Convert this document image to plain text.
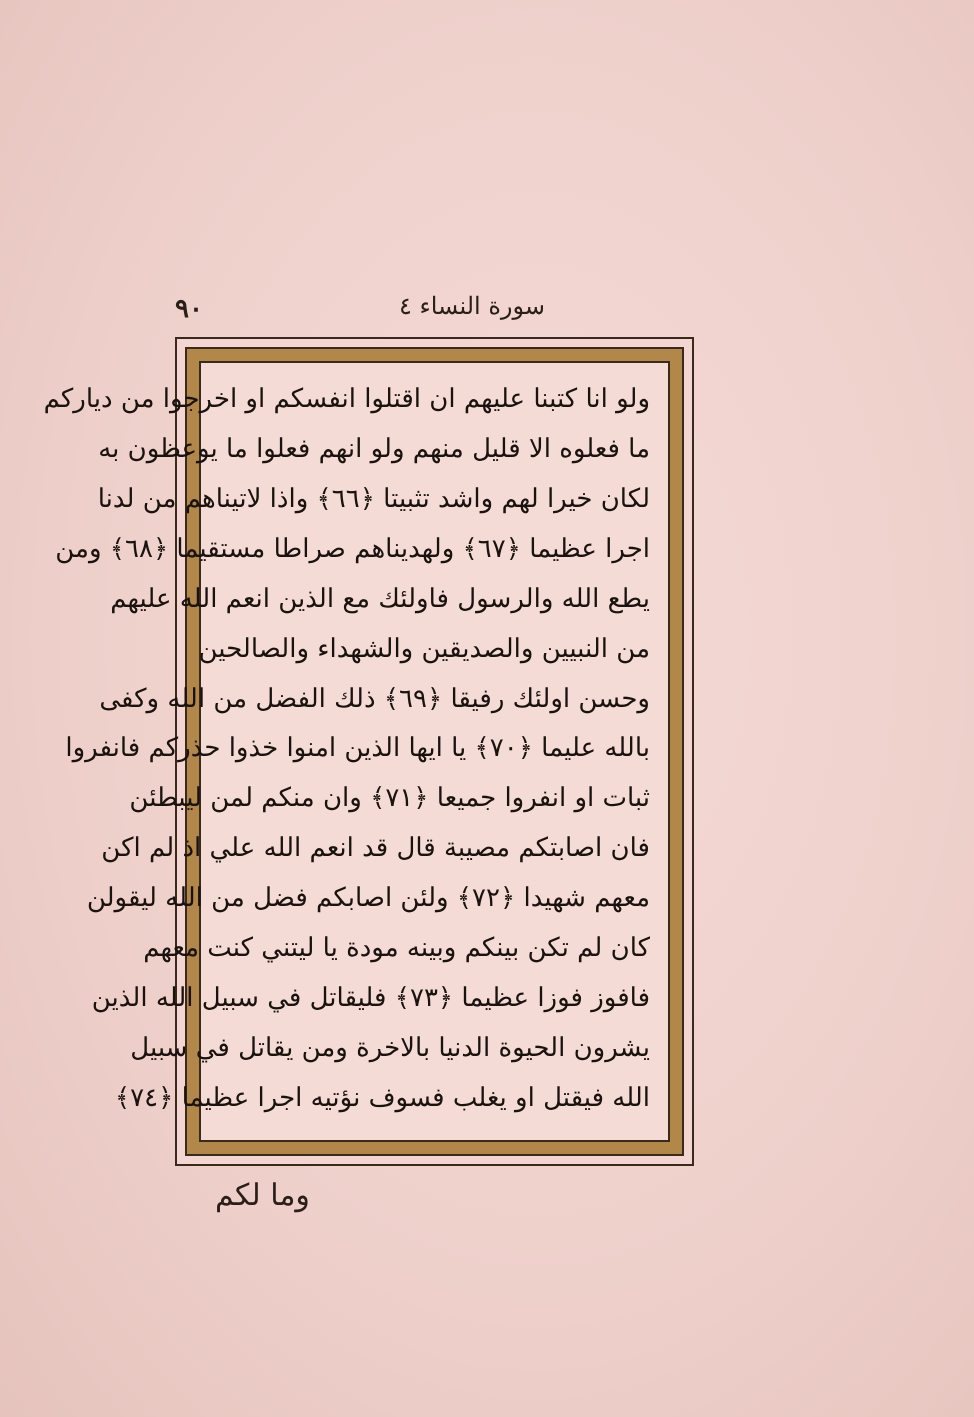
سورة النساء ٤
٩٠
ولو انا كتبنا عليهم ان اقتلوا انفسكم او اخرجوا من دياركم
ما فعلوه الا قليل منهم ولو انهم فعلوا ما يوعظون به
لكان خيرا لهم واشد تثبيتا ﴿٦٦﴾ واذا لاتيناهم من لدنا
اجرا عظيما ﴿٦٧﴾ ولهديناهم صراطا مستقيما ﴿٦٨﴾ ومن
يطع الله والرسول فاولئك مع الذين انعم الله عليهم
من النبيين والصديقين والشهداء والصالحين
وحسن اولئك رفيقا ﴿٦٩﴾ ذلك الفضل من الله وكفى
بالله عليما ﴿٧٠﴾ يا ايها الذين امنوا خذوا حذركم فانفروا
ثبات او انفروا جميعا ﴿٧١﴾ وان منكم لمن ليبطئن
فان اصابتكم مصيبة قال قد انعم الله علي اذ لم اكن
معهم شهيدا ﴿٧٢﴾ ولئن اصابكم فضل من الله ليقولن
كان لم تكن بينكم وبينه مودة يا ليتني كنت معهم
فافوز فوزا عظيما ﴿٧٣﴾ فليقاتل في سبيل الله الذين
يشرون الحيوة الدنيا بالاخرة ومن يقاتل في سبيل
الله فيقتل او يغلب فسوف نؤتيه اجرا عظيما ﴿٧٤﴾
وما لكم
